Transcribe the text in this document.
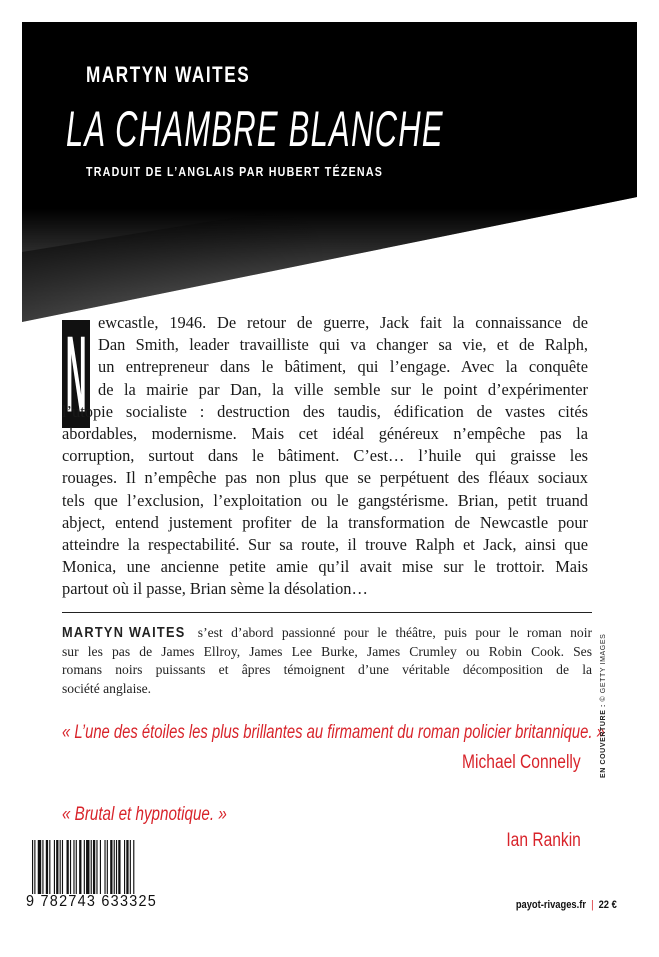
MARTYN WAITES
LA CHAMBRE BLANCHE
TRADUIT DE L’ANGLAIS PAR HUBERT TÉZENAS
N ewcastle, 1946. De retour de guerre, Jack fait la connaissance de
Dan Smith, leader travailliste qui va changer sa vie, et de Ralph,
un entrepreneur dans le bâtiment, qui l’engage. Avec la conquête
de la mairie par Dan, la ville semble sur le point d’expérimenter
l’utopie socialiste : destruction des taudis, édification de vastes cités
abordables, modernisme. Mais cet idéal généreux n’empêche pas la
corruption, surtout dans le bâtiment. C’est… l’huile qui graisse les
rouages. Il n’empêche pas non plus que se perpétuent des fléaux sociaux
tels que l’exclusion, l’exploitation ou le gangstérisme. Brian, petit truand
abject, entend justement profiter de la transformation de Newcastle pour
atteindre la respectabilité. Sur sa route, il trouve Ralph et Jack, ainsi que
Monica, une ancienne petite amie qu’il avait mise sur le trottoir. Mais
partout où il passe, Brian sème la désolation…
MARTYN WAITES s’est d’abord passionné pour le théâtre, puis pour le roman noir
sur les pas de James Ellroy, James Lee Burke, James Crumley ou Robin Cook. Ses
romans noirs puissants et âpres témoignent d’une véritable décomposition de la
société anglaise.
« L’une des étoiles les plus brillantes au firmament du roman policier britannique. »
Michael Connelly
« Brutal et hypnotique. »
Ian Rankin
9 782743 633325	payot-rivages.fr | 22 €
EN COUVERTURE : © GETTY IMAGES
